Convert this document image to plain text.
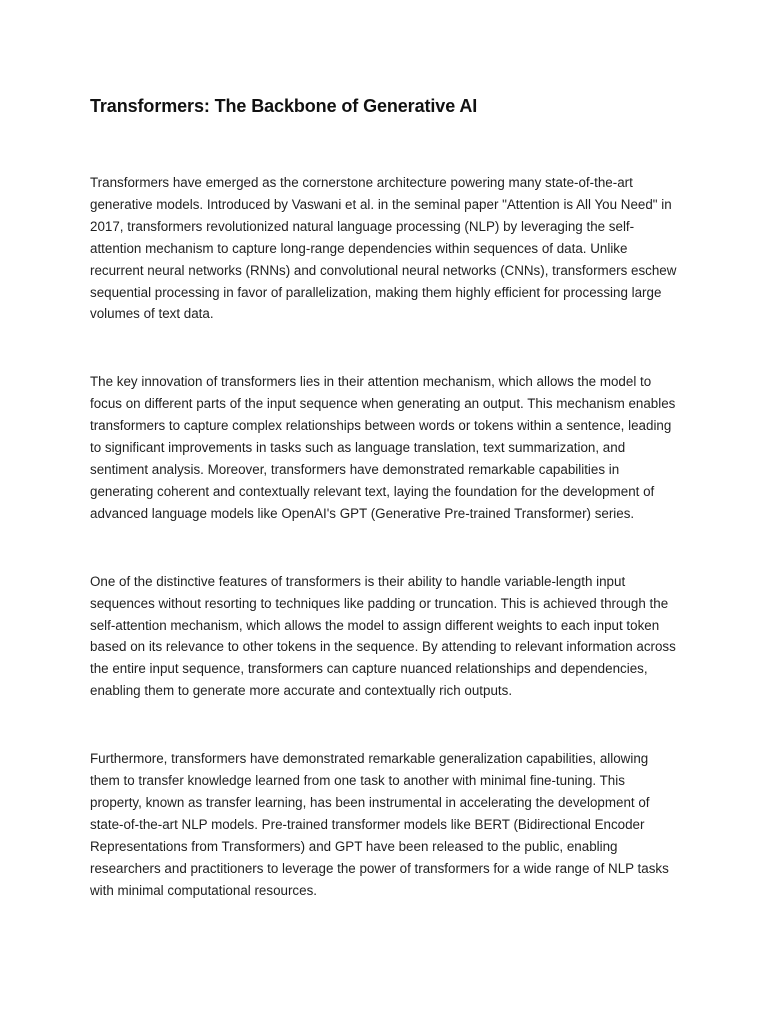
Transformers: The Backbone of Generative AI

Transformers have emerged as the cornerstone architecture powering many state-of-the-art generative models. Introduced by Vaswani et al. in the seminal paper "Attention is All You Need" in 2017, transformers revolutionized natural language processing (NLP) by leveraging the self-attention mechanism to capture long-range dependencies within sequences of data. Unlike recurrent neural networks (RNNs) and convolutional neural networks (CNNs), transformers eschew sequential processing in favor of parallelization, making them highly efficient for processing large volumes of text data.

The key innovation of transformers lies in their attention mechanism, which allows the model to focus on different parts of the input sequence when generating an output. This mechanism enables transformers to capture complex relationships between words or tokens within a sentence, leading to significant improvements in tasks such as language translation, text summarization, and sentiment analysis. Moreover, transformers have demonstrated remarkable capabilities in generating coherent and contextually relevant text, laying the foundation for the development of advanced language models like OpenAI's GPT (Generative Pre-trained Transformer) series.

One of the distinctive features of transformers is their ability to handle variable-length input sequences without resorting to techniques like padding or truncation. This is achieved through the self-attention mechanism, which allows the model to assign different weights to each input token based on its relevance to other tokens in the sequence. By attending to relevant information across the entire input sequence, transformers can capture nuanced relationships and dependencies, enabling them to generate more accurate and contextually rich outputs.

Furthermore, transformers have demonstrated remarkable generalization capabilities, allowing them to transfer knowledge learned from one task to another with minimal fine-tuning. This property, known as transfer learning, has been instrumental in accelerating the development of state-of-the-art NLP models. Pre-trained transformer models like BERT (Bidirectional Encoder Representations from Transformers) and GPT have been released to the public, enabling researchers and practitioners to leverage the power of transformers for a wide range of NLP tasks with minimal computational resources.
